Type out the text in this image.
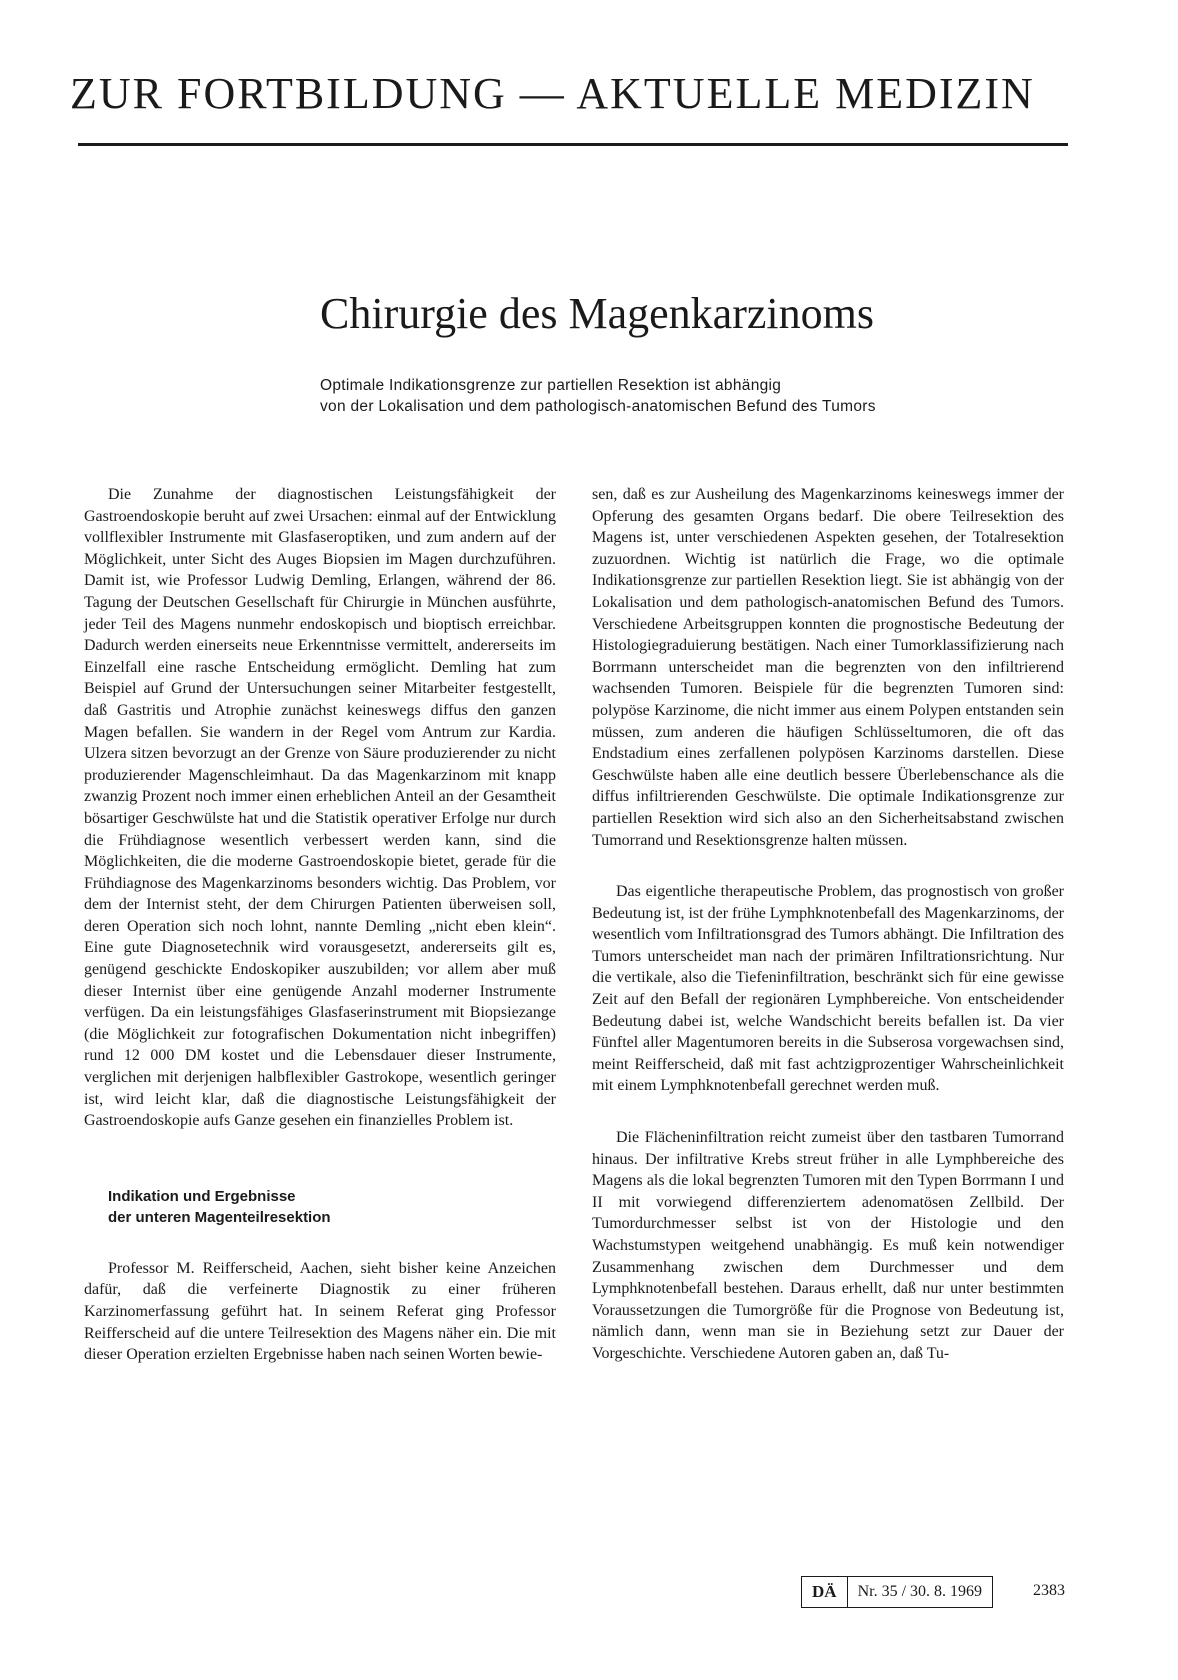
ZUR FORTBILDUNG — AKTUELLE MEDIZIN
Chirurgie des Magenkarzinoms
Optimale Indikationsgrenze zur partiellen Resektion ist abhängig
von der Lokalisation und dem pathologisch-anatomischen Befund des Tumors

Die Zunahme der diagnostischen Leistungsfähigkeit der Gastroendoskopie beruht auf zwei Ursachen: einmal auf der Entwicklung vollflexibler Instrumente mit Glasfaseroptiken, und zum andern auf der Möglichkeit, unter Sicht des Auges Biopsien im Magen durchzuführen. Damit ist, wie Professor Ludwig Demling, Erlangen, während der 86. Tagung der Deutschen Gesellschaft für Chirurgie in München ausführte, jeder Teil des Magens nunmehr endoskopisch und bioptisch erreichbar. Dadurch werden einerseits neue Erkenntnisse vermittelt, andererseits im Einzelfall eine rasche Entscheidung ermöglicht. Demling hat zum Beispiel auf Grund der Untersuchungen seiner Mitarbeiter festgestellt, daß Gastritis und Atrophie zunächst keineswegs diffus den ganzen Magen befallen. Sie wandern in der Regel vom Antrum zur Kardia. Ulzera sitzen bevorzugt an der Grenze von Säure produzierender zu nicht produzierender Magenschleimhaut. Da das Magenkarzinom mit knapp zwanzig Prozent noch immer einen erheblichen Anteil an der Gesamtheit bösartiger Geschwülste hat und die Statistik operativer Erfolge nur durch die Frühdiagnose wesentlich verbessert werden kann, sind die Möglichkeiten, die die moderne Gastroendoskopie bietet, gerade für die Frühdiagnose des Magenkarzinoms besonders wichtig. Das Problem, vor dem der Internist steht, der dem Chirurgen Patienten überweisen soll, deren Operation sich noch lohnt, nannte Demling „nicht eben klein“. Eine gute Diagnosetechnik wird vorausgesetzt, andererseits gilt es, genügend geschickte Endoskopiker auszubilden; vor allem aber muß dieser Internist über eine genügende Anzahl moderner Instrumente verfügen. Da ein leistungsfähiges Glasfaserinstrument mit Biopsiezange (die Möglichkeit zur fotografischen Dokumentation nicht inbegriffen) rund 12 000 DM kostet und die Lebensdauer dieser Instrumente, verglichen mit derjenigen halbflexibler Gastrokope, wesentlich geringer ist, wird leicht klar, daß die diagnostische Leistungsfähigkeit der Gastroendoskopie aufs Ganze gesehen ein finanzielles Problem ist.

Indikation und Ergebnisse
der unteren Magenteilresektion

Professor M. Reifferscheid, Aachen, sieht bisher keine Anzeichen dafür, daß die verfeinerte Diagnostik zu einer früheren Karzinomerfassung geführt hat. In seinem Referat ging Professor Reifferscheid auf die untere Teilresektion des Magens näher ein. Die mit dieser Operation erzielten Ergebnisse haben nach seinen Worten bewie-

sen, daß es zur Ausheilung des Magenkarzinoms keineswegs immer der Opferung des gesamten Organs bedarf. Die obere Teilresektion des Magens ist, unter verschiedenen Aspekten gesehen, der Totalresektion zuzuordnen. Wichtig ist natürlich die Frage, wo die optimale Indikationsgrenze zur partiellen Resektion liegt. Sie ist abhängig von der Lokalisation und dem pathologisch-anatomischen Befund des Tumors. Verschiedene Arbeitsgruppen konnten die prognostische Bedeutung der Histologiegraduierung bestätigen. Nach einer Tumorklassifizierung nach Borrmann unterscheidet man die begrenzten von den infiltrierend wachsenden Tumoren. Beispiele für die begrenzten Tumoren sind: polypöse Karzinome, die nicht immer aus einem Polypen entstanden sein müssen, zum anderen die häufigen Schlüsseltumoren, die oft das Endstadium eines zerfallenen polypösen Karzinoms darstellen. Diese Geschwülste haben alle eine deutlich bessere Überlebenschance als die diffus infiltrierenden Geschwülste. Die optimale Indikationsgrenze zur partiellen Resektion wird sich also an den Sicherheitsabstand zwischen Tumorrand und Resektionsgrenze halten müssen.

Das eigentliche therapeutische Problem, das prognostisch von großer Bedeutung ist, ist der frühe Lymphknotenbefall des Magenkarzinoms, der wesentlich vom Infiltrationsgrad des Tumors abhängt. Die Infiltration des Tumors unterscheidet man nach der primären Infiltrationsrichtung. Nur die vertikale, also die Tiefeninfiltration, beschränkt sich für eine gewisse Zeit auf den Befall der regionären Lymphbereiche. Von entscheidender Bedeutung dabei ist, welche Wandschicht bereits befallen ist. Da vier Fünftel aller Magentumoren bereits in die Subserosa vorgewachsen sind, meint Reifferscheid, daß mit fast achtzigprozentiger Wahrscheinlichkeit mit einem Lymphknotenbefall gerechnet werden muß.

Die Flächeninfiltration reicht zumeist über den tastbaren Tumorrand hinaus. Der infiltrative Krebs streut früher in alle Lymphbereiche des Magens als die lokal begrenzten Tumoren mit den Typen Borrmann I und II mit vorwiegend differenziertem adenomatösen Zellbild. Der Tumordurchmesser selbst ist von der Histologie und den Wachstumstypen weitgehend unabhängig. Es muß kein notwendiger Zusammenhang zwischen dem Durchmesser und dem Lymphknotenbefall bestehen. Daraus erhellt, daß nur unter bestimmten Voraussetzungen die Tumorgröße für die Prognose von Bedeutung ist, nämlich dann, wenn man sie in Beziehung setzt zur Dauer der Vorgeschichte. Verschiedene Autoren gaben an, daß Tu-

DÄ	Nr. 35 / 30. 8. 1969	2383
